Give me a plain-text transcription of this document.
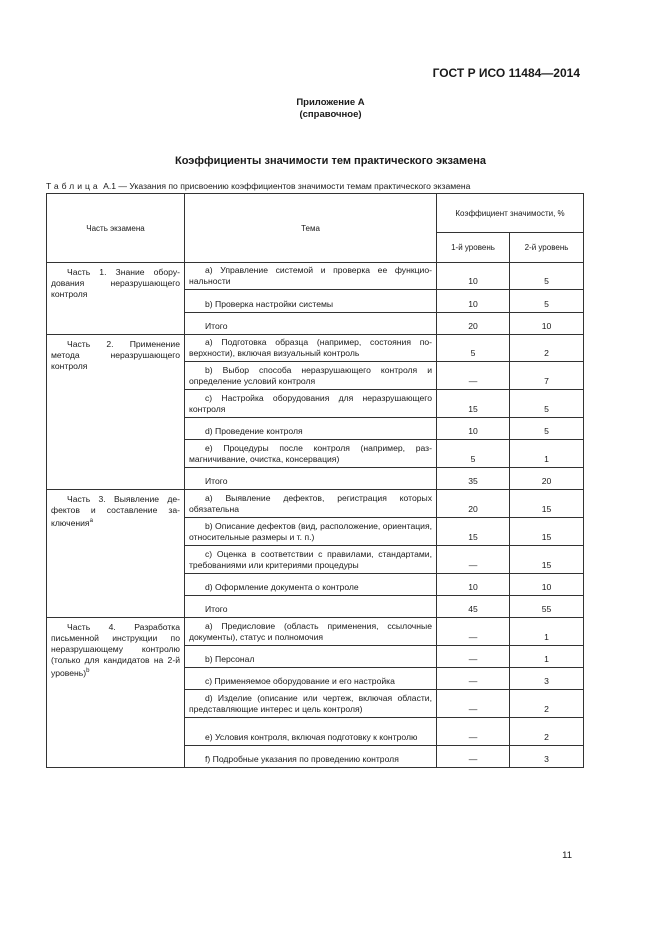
ГОСТ Р ИСО 11484—2014
Приложение А
(справочное)
Коэффициенты значимости тем практического экзамена
Таблица А.1 — Указания по присвоению коэффициентов значимости темам практического экзамена
Часть экзамена	Тема	Коэффициент значимости, %	
		1-й уровень	2-й уровень
Часть 1. Знание оборудования неразрушающего контроля	a) Управление системой и проверка ее функциональности	10	5
	b) Проверка настройки системы	10	5
	Итого	20	10
Часть 2. Применение метода неразрушающего контроля	a) Подготовка образца (например, состояния поверхности), включая визуальный контроль	5	2
	b) Выбор способа неразрушающего контроля и определение условий контроля	—	7
	c) Настройка оборудования для неразрушающего контроля	15	5
	d) Проведение контроля	10	5
	e) Процедуры после контроля (например, размагничивание, очистка, консервация)	5	1
	Итого	35	20
Часть 3. Выявление дефектов и составление заключения$^a$	a) Выявление дефектов, регистрация которых обязательна	20	15
	b) Описание дефектов (вид, расположение, ориентация, относительные размеры и т. п.)	15	15
	c) Оценка в соответствии с правилами, стандартами, требованиями или критериями процедуры	—	15
	d) Оформление документа о контроле	10	10
	Итого	45	55
Часть 4. Разработка письменной инструкции по неразрушающему контролю (только для кандидатов на 2-й уровень)$^b$	a) Предисловие (область применения, ссылочные документы), статус и полномочия	—	1
	b) Персонал	—	1
	c) Применяемое оборудование и его настройка	—	3
	d) Изделие (описание или чертеж, включая области, представляющие интерес и цель контроля)	—	2
	e) Условия контроля, включая подготовку к контролю	—	2
	f) Подробные указания по проведению контроля	—	3
11
